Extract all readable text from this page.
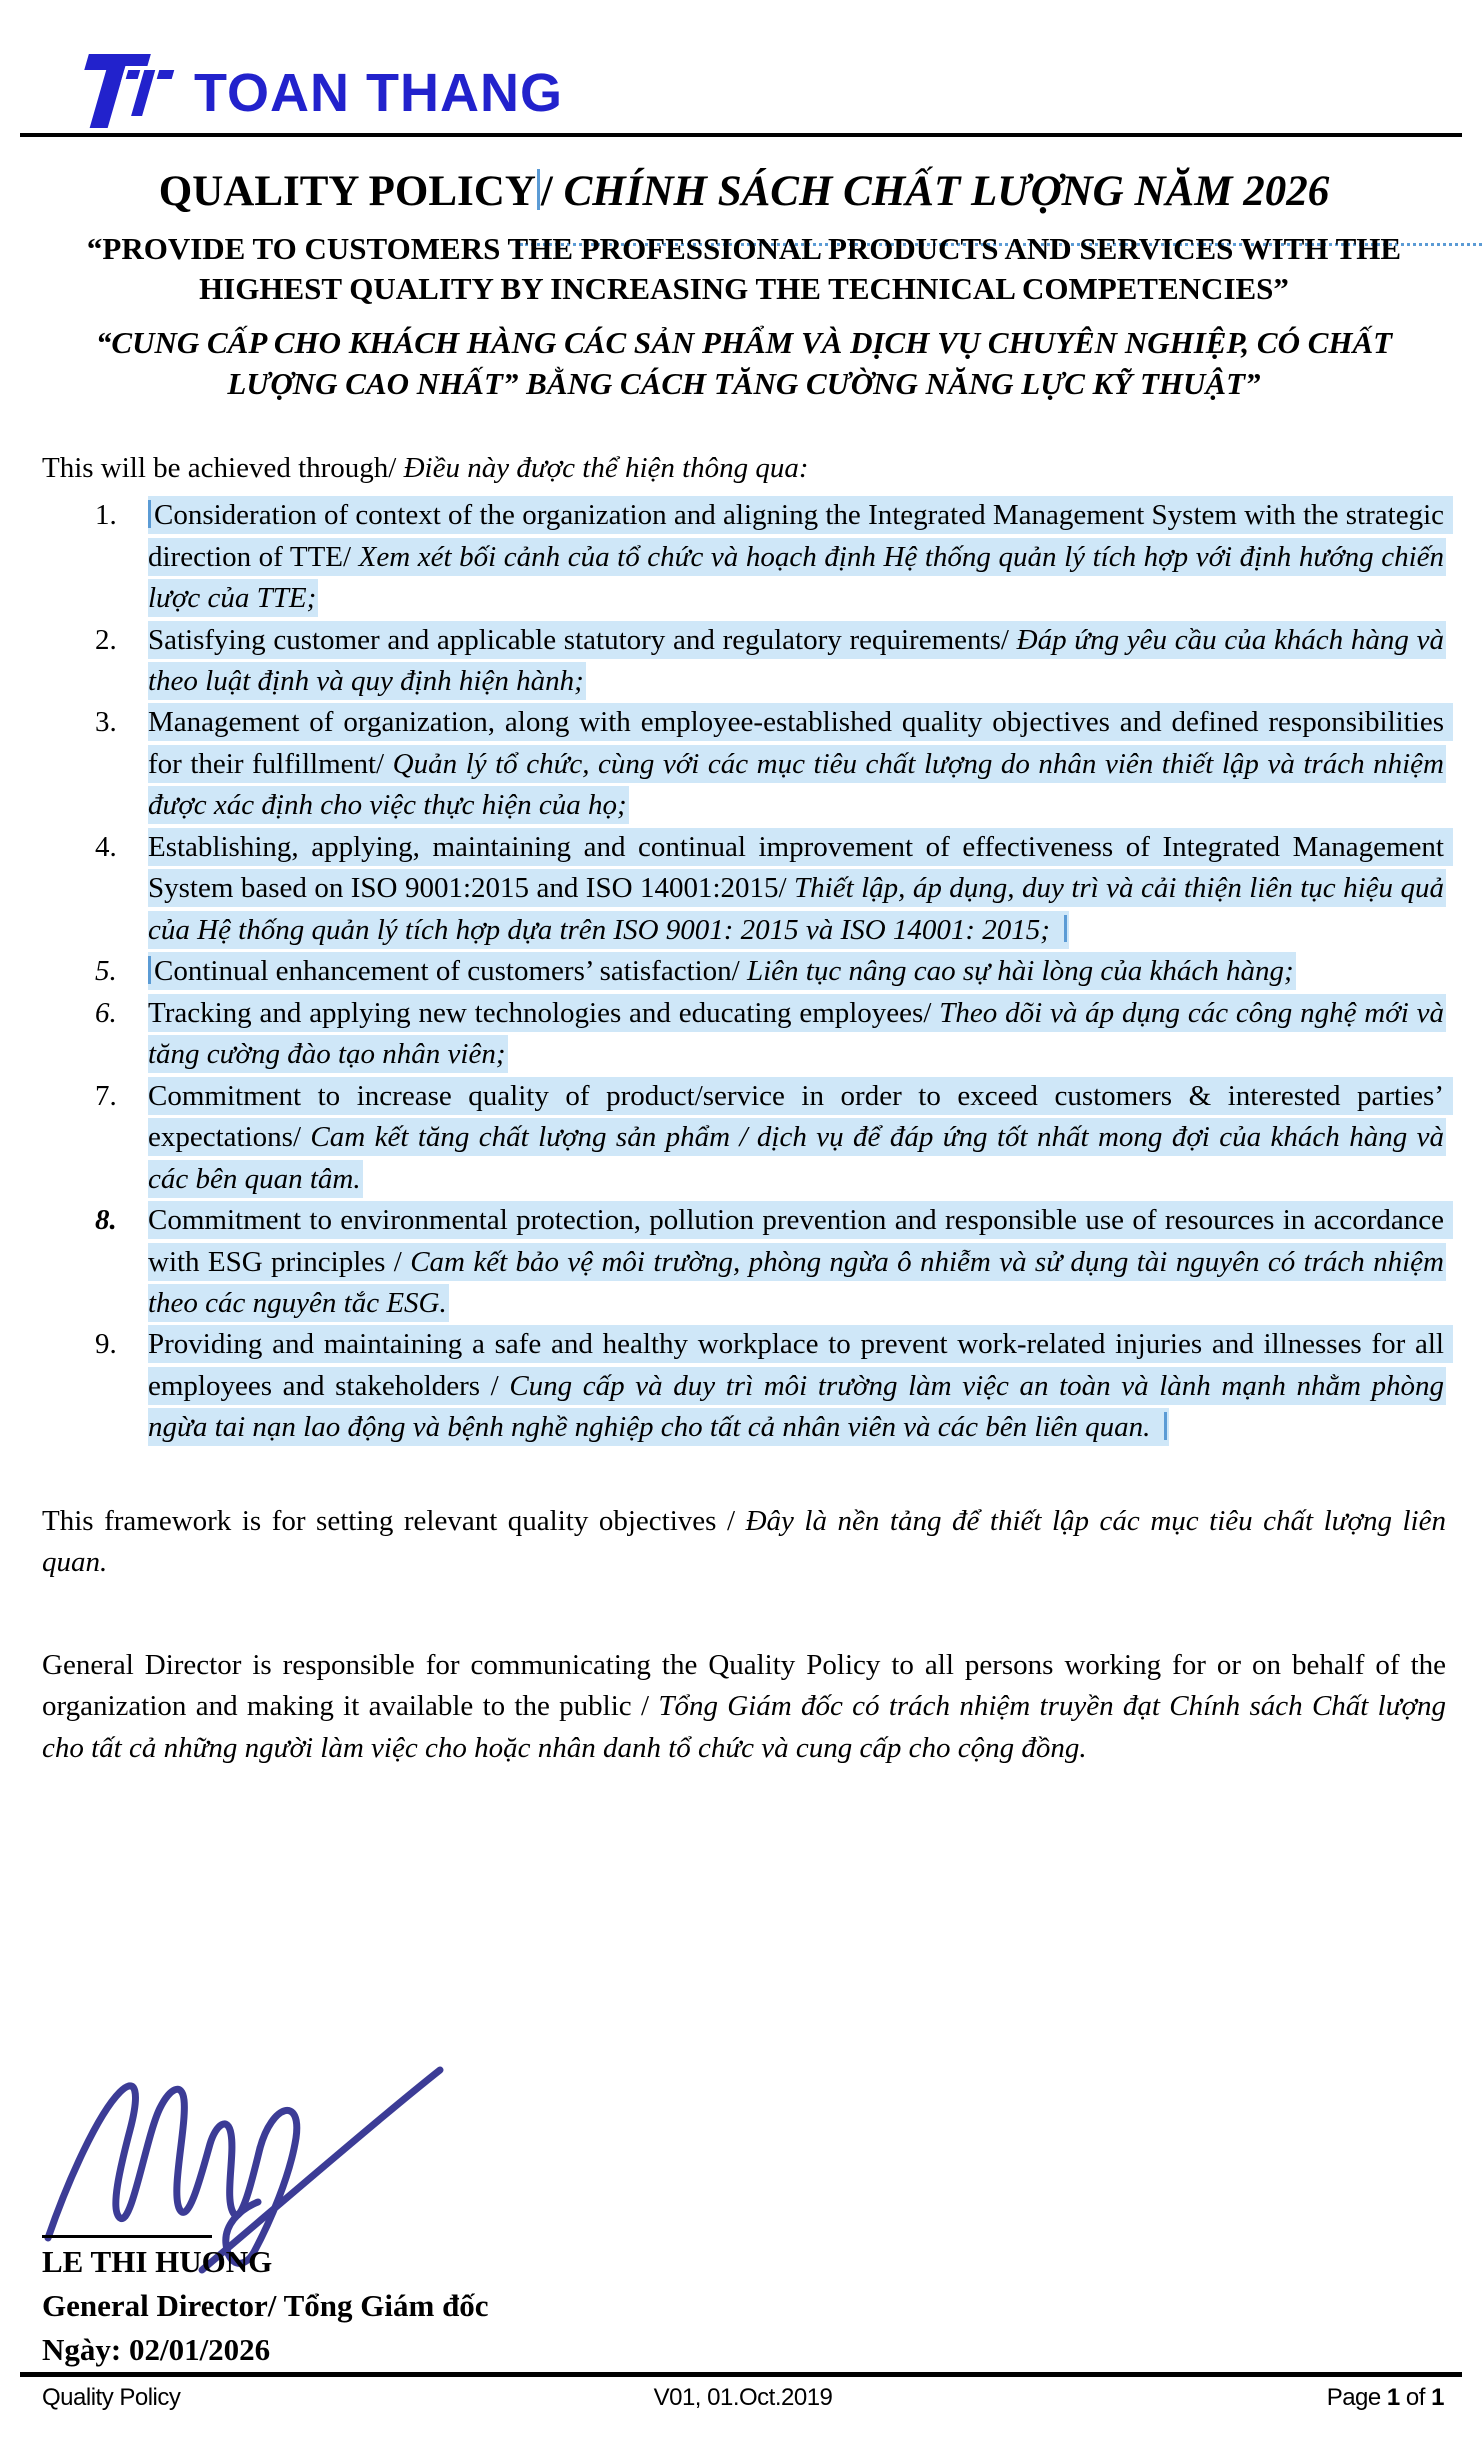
TOAN THANG
QUALITY POLICY / CHÍNH SÁCH CHẤT LƯỢNG NĂM 2026
“PROVIDE TO CUSTOMERS THE PROFESSIONAL PRODUCTS AND SERVICES WITH THE HIGHEST QUALITY BY INCREASING THE TECHNICAL COMPETENCIES”
“CUNG CẤP CHO KHÁCH HÀNG CÁC SẢN PHẨM VÀ DỊCH VỤ CHUYÊN NGHIỆP, CÓ CHẤT LƯỢNG CAO NHẤT” BẰNG CÁCH TĂNG CƯỜNG NĂNG LỰC KỸ THUẬT”

This will be achieved through/ Điều này được thể hiện thông qua:

1.	Consideration of context of the organization and aligning the Integrated Management System with the strategic direction of TTE/ Xem xét bối cảnh của tổ chức và hoạch định Hệ thống quản lý tích hợp với định hướng chiến lược của TTE;
2.	Satisfying customer and applicable statutory and regulatory requirements/ Đáp ứng yêu cầu của khách hàng và theo luật định và quy định hiện hành;
3.	Management of organization, along with employee-established quality objectives and defined responsibilities for their fulfillment/ Quản lý tổ chức, cùng với các mục tiêu chất lượng do nhân viên thiết lập và trách nhiệm được xác định cho việc thực hiện của họ;
4.	Establishing, applying, maintaining and continual improvement of effectiveness of Integrated Management System based on ISO 9001:2015 and ISO 14001:2015/ Thiết lập, áp dụng, duy trì và cải thiện liên tục hiệu quả của Hệ thống quản lý tích hợp dựa trên ISO 9001: 2015 và ISO 14001: 2015;
5.	Continual enhancement of customers’ satisfaction/ Liên tục nâng cao sự hài lòng của khách hàng;
6.	Tracking and applying new technologies and educating employees/ Theo dõi và áp dụng các công nghệ mới và tăng cường đào tạo nhân viên;
7.	Commitment to increase quality of product/service in order to exceed customers & interested parties’ expectations/ Cam kết tăng chất lượng sản phẩm / dịch vụ để đáp ứng tốt nhất mong đợi của khách hàng và các bên quan tâm.
8.	Commitment to environmental protection, pollution prevention and responsible use of resources in accordance with ESG principles / Cam kết bảo vệ môi trường, phòng ngừa ô nhiễm và sử dụng tài nguyên có trách nhiệm theo các nguyên tắc ESG.
9.	Providing and maintaining a safe and healthy workplace to prevent work-related injuries and illnesses for all employees and stakeholders / Cung cấp và duy trì môi trường làm việc an toàn và lành mạnh nhằm phòng ngừa tai nạn lao động và bệnh nghề nghiệp cho tất cả nhân viên và các bên liên quan.

This framework is for setting relevant quality objectives / Đây là nền tảng để thiết lập các mục tiêu chất lượng liên quan.

General Director is responsible for communicating the Quality Policy to all persons working for or on behalf of the organization and making it available to the public / Tổng Giám đốc có trách nhiệm truyền đạt Chính sách Chất lượng cho tất cả những người làm việc cho hoặc nhân danh tổ chức và cung cấp cho cộng đồng.

LE THI HUONG
General Director/ Tổng Giám đốc
Ngày: 02/01/2026
Quality Policy	V01, 01.Oct.2019	Page 1 of 1
